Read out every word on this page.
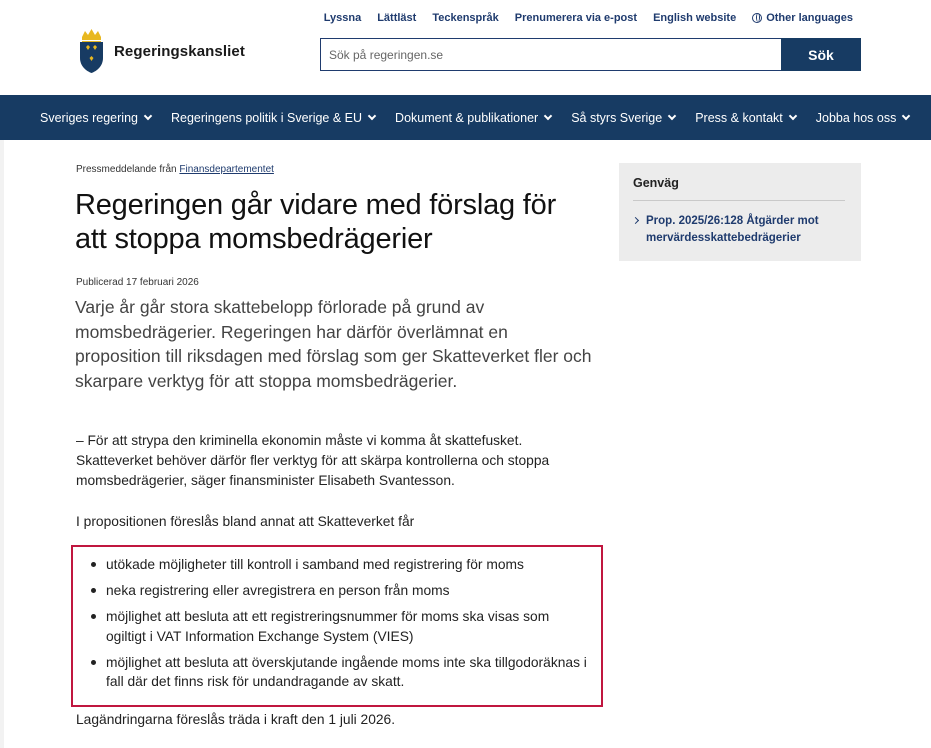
Lyssna Lättläst Teckenspråk Prenumerera via e-post English website	Other languages
Regeringskansliet
Sök på regeringen.se	Sök
Sveriges regering	Regeringens politik i Sverige & EU	Dokument & publikationer	Så styrs Sverige	Press & kontakt	Jobba hos oss
Pressmeddelande från Finansdepartementet
Regeringen går vidare med förslag för att stoppa momsbedrägerier
Publicerad 17 februari 2026

Varje år går stora skattebelopp förlorade på grund av momsbedrägerier. Regeringen har därför överlämnat en proposition till riksdagen med förslag som ger Skatteverket fler och skarpare verktyg för att stoppa momsbedrägerier.

– För att strypa den kriminella ekonomin måste vi komma åt skattefusket. Skatteverket behöver därför fler verktyg för att skärpa kontrollerna och stoppa momsbedrägerier, säger finansminister Elisabeth Svantesson.

I propositionen föreslås bland annat att Skatteverket får

utökade möjligheter till kontroll i samband med registrering för moms
neka registrering eller avregistrera en person från moms
möjlighet att besluta att ett registreringsnummer för moms ska visas som ogiltigt i VAT Information Exchange System (VIES)
möjlighet att besluta att överskjutande ingående moms inte ska tillgodoräknas i fall där det finns risk för undandragande av skatt.

Lagändringarna föreslås träda i kraft den 1 juli 2026.

Genväg
Prop. 2025/26:128 Åtgärder mot mervärdesskattebedrägerier
